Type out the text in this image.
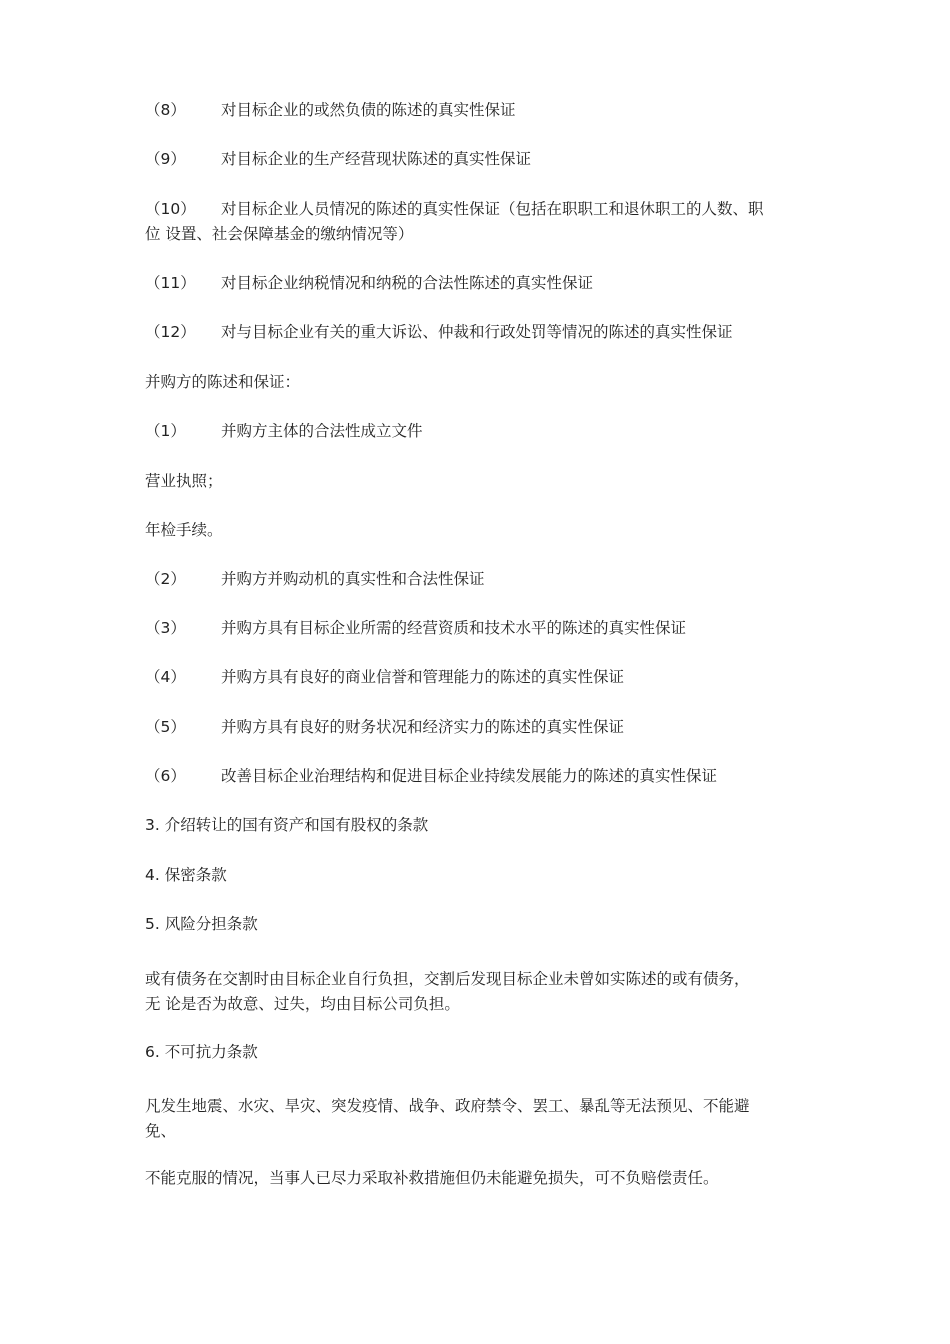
（8） 对目标企业的或然负债的陈述的真实性保证
（9） 对目标企业的生产经营现状陈述的真实性保证
（10） 对目标企业人员情况的陈述的真实性保证（包括在职职工和退休职工的人数、职
位 设置、社会保障基金的缴纳情况等）
（11） 对目标企业纳税情况和纳税的合法性陈述的真实性保证
（12） 对与目标企业有关的重大诉讼、仲裁和行政处罚等情况的陈述的真实性保证
并购方的陈述和保证：
（1） 并购方主体的合法性成立文件
营业执照；
年检手续。
（2） 并购方并购动机的真实性和合法性保证
（3） 并购方具有目标企业所需的经营资质和技术水平的陈述的真实性保证
（4） 并购方具有良好的商业信誉和管理能力的陈述的真实性保证
（5） 并购方具有良好的财务状况和经济实力的陈述的真实性保证
（6） 改善目标企业治理结构和促进目标企业持续发展能力的陈述的真实性保证
3. 介绍转让的国有资产和国有股权的条款
4. 保密条款
5. 风险分担条款
或有债务在交割时由目标企业自行负担，交割后发现目标企业未曾如实陈述的或有债务，
无 论是否为故意、过失，均由目标公司负担。
6. 不可抗力条款
凡发生地震、水灾、旱灾、突发疫情、战争、政府禁令、罢工、暴乱等无法预见、不能避
免、
不能克服的情况，当事人已尽力采取补救措施但仍未能避免损失，可不负赔偿责任。
